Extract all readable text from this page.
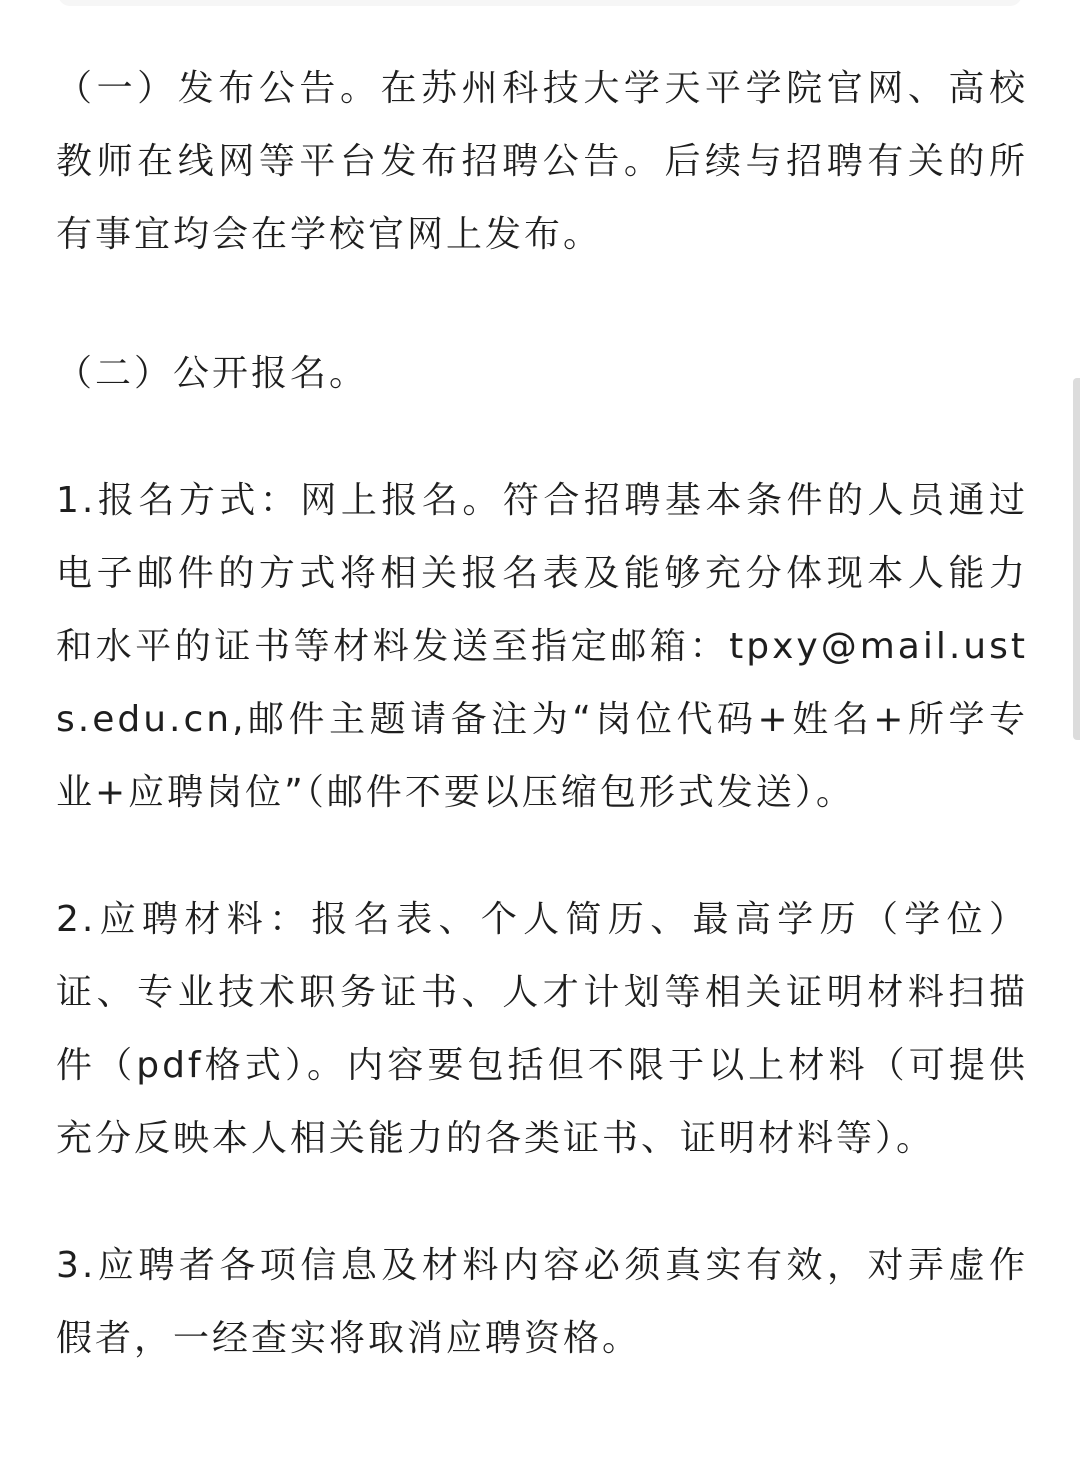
（一）发布公告。在苏州科技大学天平学院官网、高校教师在线网等平台发布招聘公告。后续与招聘有关的所有事宜均会在学校官网上发布。

（二）公开报名。

1.报名方式：网上报名。符合招聘基本条件的人员通过电子邮件的方式将相关报名表及能够充分体现本人能力和水平的证书等材料发送至指定邮箱：tpxy@mail.usts.edu.cn,邮件主题请备注为“岗位代码+姓名+所学专业+应聘岗位”（邮件不要以压缩包形式发送）。

2.应聘材料：报名表、个人简历、最高学历（学位）证、专业技术职务证书、人才计划等相关证明材料扫描件（pdf格式）。内容要包括但不限于以上材料（可提供充分反映本人相关能力的各类证书、证明材料等）。

3.应聘者各项信息及材料内容必须真实有效，对弄虚作假者，一经查实将取消应聘资格。
